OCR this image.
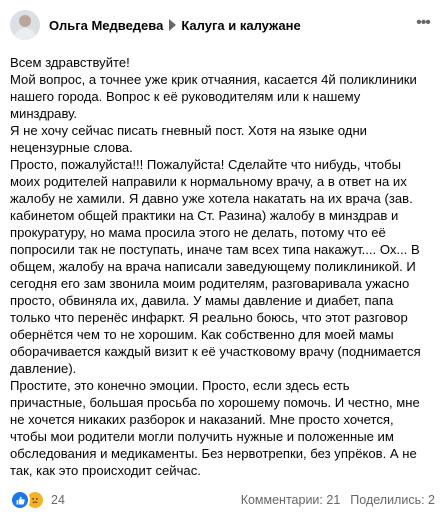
Ольга Медведева Калуга и калужане	•••

Всем здравствуйте!

Мой вопрос, а точнее уже крик отчаяния, касается 4й поликлиники нашего города. Вопрос к её руководителям или к нашему минздраву.

Я не хочу сейчас писать гневный пост. Хотя на языке одни нецензурные слова.

Просто, пожалуйста!!! Пожалуйста! Сделайте что нибудь, чтобы моих родителей направили к нормальному врачу, а в ответ на их жалобу не хамили. Я давно уже хотела накатать на их врача (зав. кабинетом общей практики на Ст. Разина) жалобу в минздрав и прокуратуру, но мама просила этого не делать, потому что её попросили так не поступать, иначе там всех типа накажут.... Ох... В общем, жалобу на врача написали заведующему поликлиникой. И сегодня его зам звонила моим родителям, разговаривала ужасно просто, обвиняла их, давила. У мамы давление и диабет, папа только что перенёс инфаркт. Я реально боюсь, что этот разговор обернётся чем то не хорошим. Как собственно для моей мамы оборачивается каждый визит к её участковому врачу (поднимается давление).

Простите, это конечно эмоции. Просто, если здесь есть причастные, большая просьба по хорошему помочь. И честно, мне не хочется никаких разборок и наказаний. Мне просто хочется, чтобы мои родители могли получить нужные и положенные им обследования и медикаменты. Без нервотрепки, без упрёков. А не так, как это происходит сейчас.

24	Комментарии: 21 Поделились: 2
